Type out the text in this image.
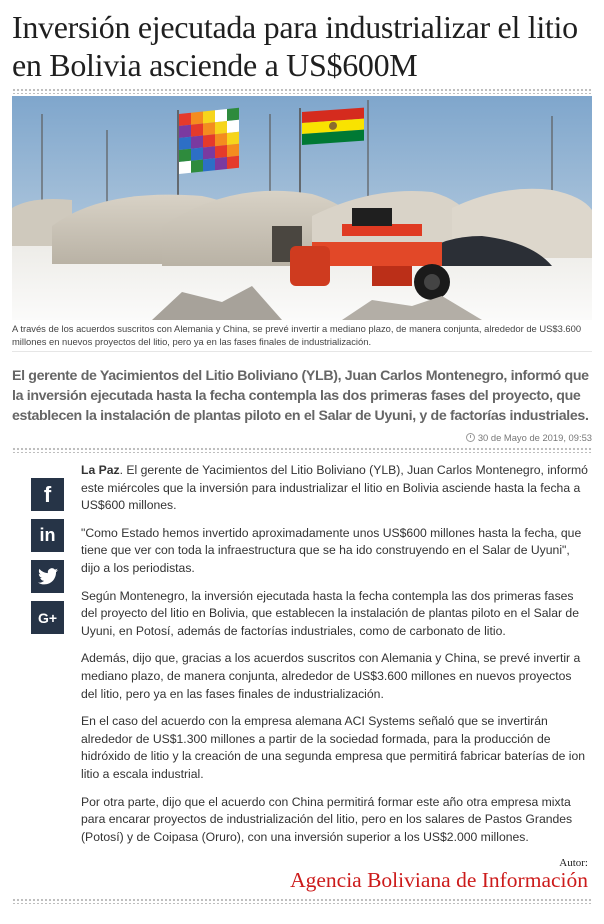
Inversión ejecutada para industrializar el litio en Bolivia asciende a US$600M
A través de los acuerdos suscritos con Alemania y China, se prevé invertir a mediano plazo, de manera conjunta, alrededor de US$3.600 millones en nuevos proyectos del litio, pero ya en las fases finales de industrialización.
El gerente de Yacimientos del Litio Boliviano (YLB), Juan Carlos Montenegro, informó que la inversión ejecutada hasta la fecha contempla las dos primeras fases del proyecto, que establecen la instalación de plantas piloto en el Salar de Uyuni, y de factorías industriales.
30 de Mayo de 2019, 09:53
f
in
G+

La Paz. El gerente de Yacimientos del Litio Boliviano (YLB), Juan Carlos Montenegro, informó este miércoles que la inversión para industrializar el litio en Bolivia asciende hasta la fecha a US$600 millones.

"Como Estado hemos invertido aproximadamente unos US$600 millones hasta la fecha, que tiene que ver con toda la infraestructura que se ha ido construyendo en el Salar de Uyuni", dijo a los periodistas.

Según Montenegro, la inversión ejecutada hasta la fecha contempla las dos primeras fases del proyecto del litio en Bolivia, que establecen la instalación de plantas piloto en el Salar de Uyuni, en Potosí, además de factorías industriales, como de carbonato de litio.

Además, dijo que, gracias a los acuerdos suscritos con Alemania y China, se prevé invertir a mediano plazo, de manera conjunta, alrededor de US$3.600 millones en nuevos proyectos del litio, pero ya en las fases finales de industrialización.

En el caso del acuerdo con la empresa alemana ACI Systems señaló que se invertirán alrededor de US$1.300 millones a partir de la sociedad formada, para la producción de hidróxido de litio y la creación de una segunda empresa que permitirá fabricar baterías de ion litio a escala industrial.

Por otra parte, dijo que el acuerdo con China permitirá formar este año otra empresa mixta para encarar proyectos de industrialización del litio, pero en los salares de Pastos Grandes (Potosí) y de Coipasa (Oruro), con una inversión superior a los US$2.000 millones.

Autor:
Agencia Boliviana de Información
